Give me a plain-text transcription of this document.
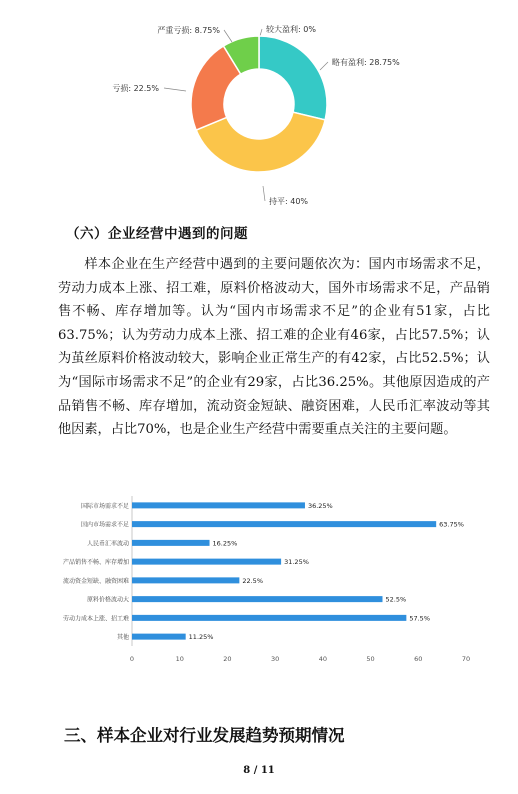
较大盈利: 0%
略有盈利: 28.75%
持平: 40%
亏损: 22.5%
严重亏损: 8.75%
（六）企业经营中遇到的问题

样本企业在生产经营中遇到的主要问题依次为：国内市场需求不足，劳动力成本上涨、招工难，原料价格波动大，国外市场需求不足，产品销售不畅、库存增加等。认为“国内市场需求不足”的企业有51家，占比63.75%；认为劳动力成本上涨、招工难的企业有46家，占比57.5%；认为茧丝原料价格波动较大，影响企业正常生产的有42家，占比52.5%；认为“国际市场需求不足”的企业有29家，占比36.25%。其他原因造成的产品销售不畅、库存增加，流动资金短缺、融资困难，人民币汇率波动等其他因素，占比70%，也是企业生产经营中需要重点关注的主要问题。

国际市场需求不足	36.25%
国内市场需求不足	63.75%
人民币汇率波动	16.25%
产品销售不畅、库存增加	31.25%
流动资金短缺、融资困难	22.5%
原料价格波动大	52.5%
劳动力成本上涨、招工难	57.5%
其他	11.25%
0	10	20	30	40	50	60	70
三、样本企业对行业发展趋势预期情况
8 / 11
